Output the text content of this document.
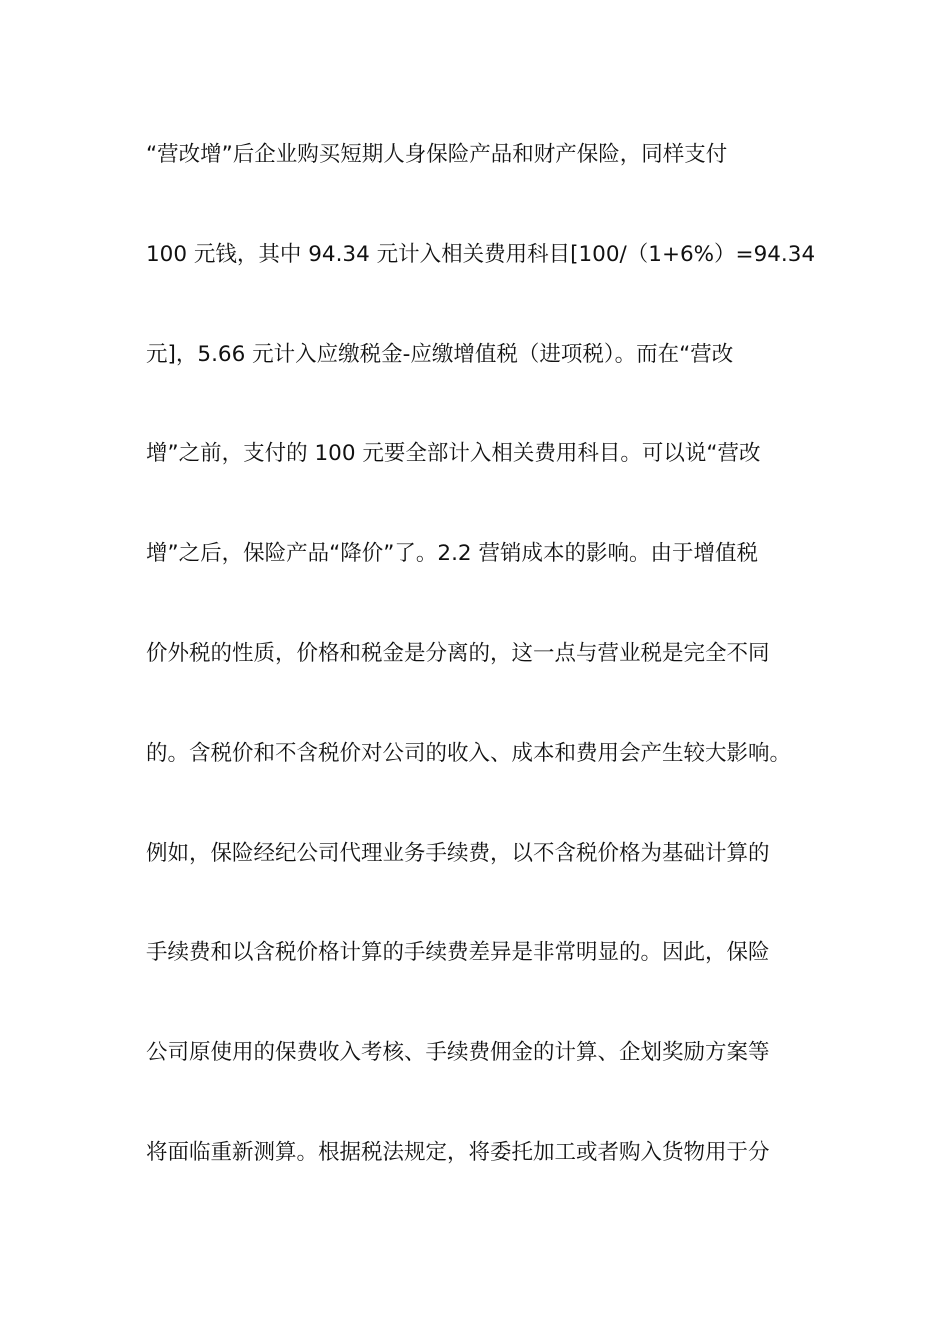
“营改增”后企业购买短期人身保险产品和财产保险，同样支付
100 元钱，其中 94.34 元计入相关费用科目[100/（1+6%）=94.34
元]，5.66 元计入应缴税金-应缴增值税（进项税）。而在“营改
增”之前，支付的 100 元要全部计入相关费用科目。可以说“营改
增”之后，保险产品“降价”了。2.2 营销成本的影响。由于增值税
价外税的性质，价格和税金是分离的，这一点与营业税是完全不同
的。含税价和不含税价对公司的收入、成本和费用会产生较大影响。
例如，保险经纪公司代理业务手续费，以不含税价格为基础计算的
手续费和以含税价格计算的手续费差异是非常明显的。因此，保险
公司原使用的保费收入考核、手续费佣金的计算、企划奖励方案等
将面临重新测算。根据税法规定，将委托加工或者购入货物用于分
